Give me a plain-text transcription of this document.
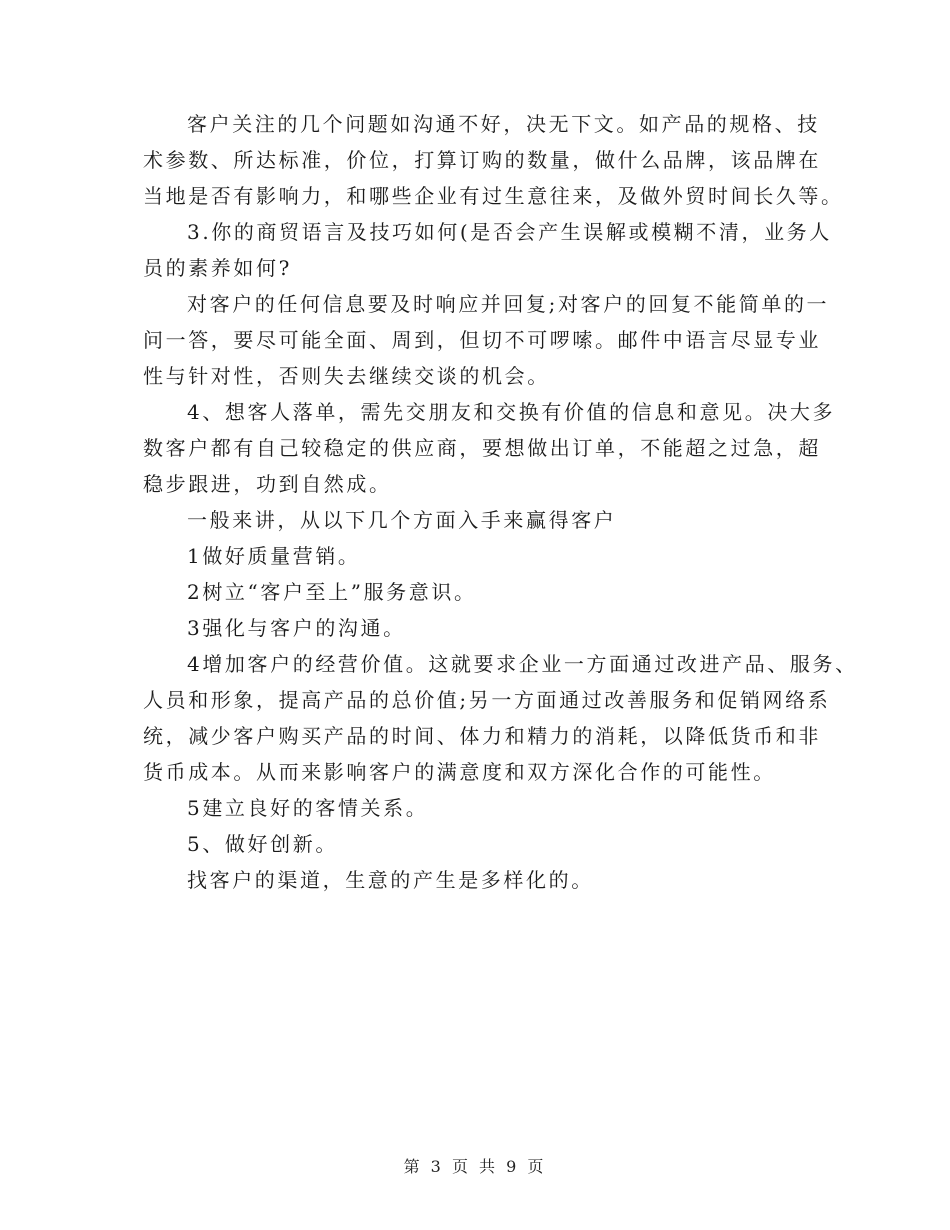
客户关注的几个问题如沟通不好，决无下文。如产品的规格、技
术参数、所达标准，价位，打算订购的数量，做什么品牌，该品牌在
当地是否有影响力，和哪些企业有过生意往来，及做外贸时间长久等。
3.你的商贸语言及技巧如何(是否会产生误解或模糊不清，业务人
员的素养如何?
对客户的任何信息要及时响应并回复;对客户的回复不能简单的一
问一答，要尽可能全面、周到，但切不可啰嗦。邮件中语言尽显专业
性与针对性，否则失去继续交谈的机会。
4、想客人落单，需先交朋友和交换有价值的信息和意见。决大多
数客户都有自己较稳定的供应商，要想做出订单，不能超之过急，超
稳步跟进，功到自然成。
一般来讲，从以下几个方面入手来赢得客户
1做好质量营销。
2树立“客户至上”服务意识。
3强化与客户的沟通。
4增加客户的经营价值。这就要求企业一方面通过改进产品、服务、
人员和形象，提高产品的总价值;另一方面通过改善服务和促销网络系
统，减少客户购买产品的时间、体力和精力的消耗，以降低货币和非
货币成本。从而来影响客户的满意度和双方深化合作的可能性。
5建立良好的客情关系。
5、做好创新。
找客户的渠道，生意的产生是多样化的。
第 3 页 共 9 页
